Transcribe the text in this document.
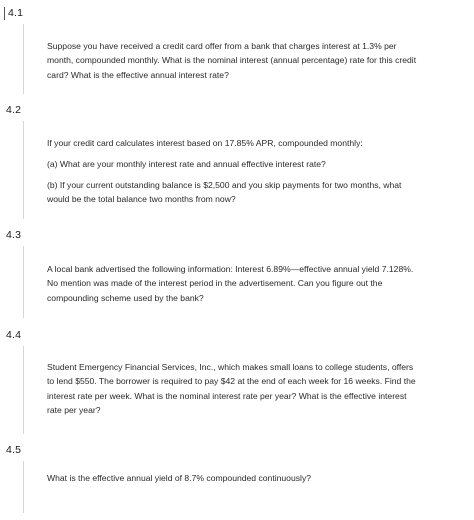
4.1

Suppose you have received a credit card offer from a bank that charges interest at 1.3% per
month, compounded monthly. What is the nominal interest (annual percentage) rate for this credit
card? What is the effective annual interest rate?

4.2

If your credit card calculates interest based on 17.85% APR, compounded monthly:

(a) What are your monthly interest rate and annual effective interest rate?

(b) If your current outstanding balance is $2,500 and you skip payments for two months, what
would be the total balance two months from now?

4.3

A local bank advertised the following information: Interest 6.89%—effective annual yield 7.128%.
No mention was made of the interest period in the advertisement. Can you figure out the
compounding scheme used by the bank?

4.4

Student Emergency Financial Services, Inc., which makes small loans to college students, offers
to lend $550. The borrower is required to pay $42 at the end of each week for 16 weeks. Find the
interest rate per week. What is the nominal interest rate per year? What is the effective interest
rate per year?

4.5

What is the effective annual yield of 8.7% compounded continuously?
